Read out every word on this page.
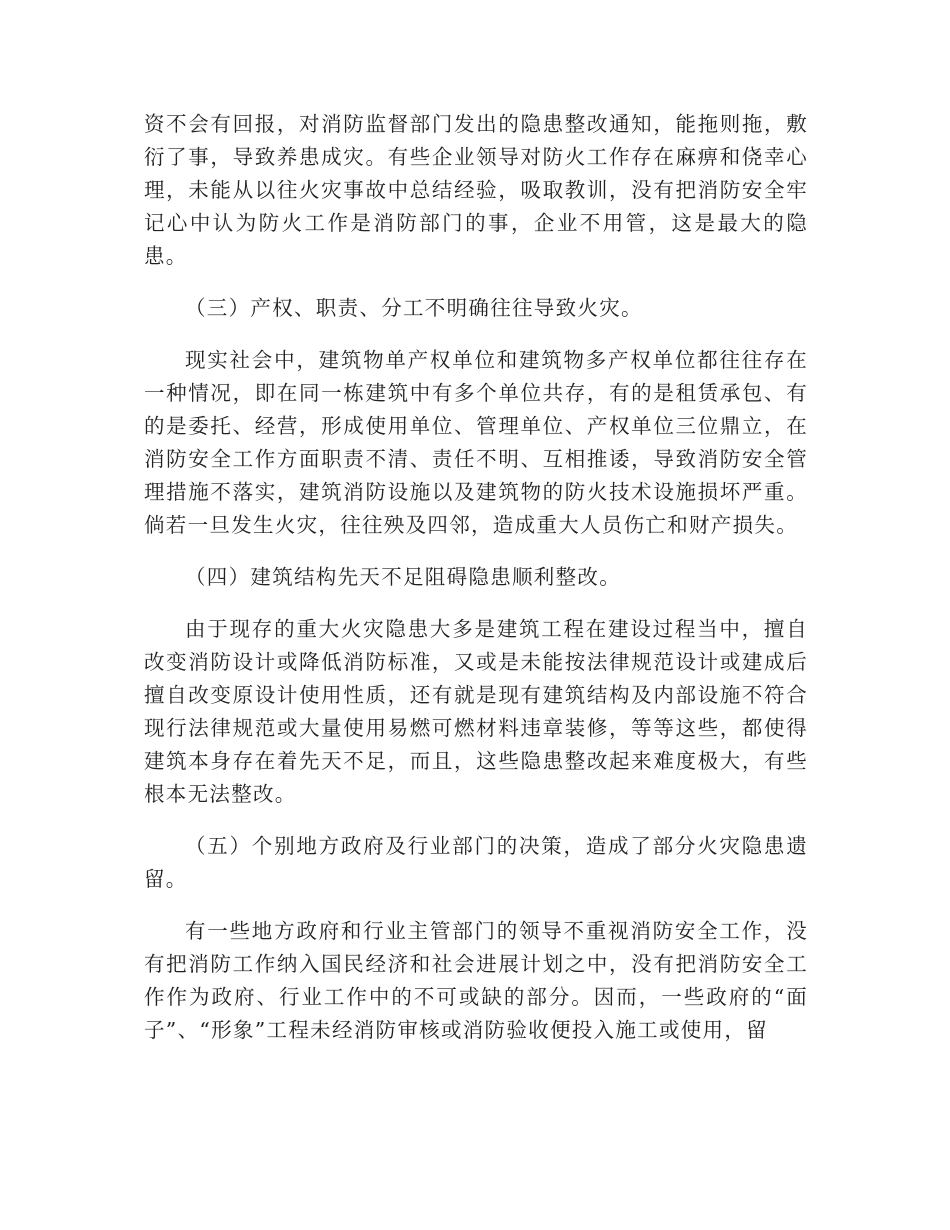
资不会有回报，对消防监督部门发出的隐患整改通知，能拖则拖，敷衍了事，导致养患成灾。有些企业领导对防火工作存在麻痹和侥幸心理，未能从以往火灾事故中总结经验，吸取教训，没有把消防安全牢记心中认为防火工作是消防部门的事，企业不用管，这是最大的隐患。

（三）产权、职责、分工不明确往往导致火灾。

现实社会中，建筑物单产权单位和建筑物多产权单位都往往存在一种情况，即在同一栋建筑中有多个单位共存，有的是租赁承包、有的是委托、经营，形成使用单位、管理单位、产权单位三位鼎立，在消防安全工作方面职责不清、责任不明、互相推诿，导致消防安全管理措施不落实，建筑消防设施以及建筑物的防火技术设施损坏严重。倘若一旦发生火灾，往往殃及四邻，造成重大人员伤亡和财产损失。

（四）建筑结构先天不足阻碍隐患顺利整改。

由于现存的重大火灾隐患大多是建筑工程在建设过程当中，擅自改变消防设计或降低消防标准，又或是未能按法律规范设计或建成后擅自改变原设计使用性质，还有就是现有建筑结构及内部设施不符合现行法律规范或大量使用易燃可燃材料违章装修，等等这些，都使得建筑本身存在着先天不足，而且，这些隐患整改起来难度极大，有些根本无法整改。

（五）个别地方政府及行业部门的决策，造成了部分火灾隐患遗留。

有一些地方政府和行业主管部门的领导不重视消防安全工作，没有把消防工作纳入国民经济和社会进展计划之中，没有把消防安全工作作为政府、行业工作中的不可或缺的部分。因而，一些政府的“面子”、“形象”工程未经消防审核或消防验收便投入施工或使用，留
